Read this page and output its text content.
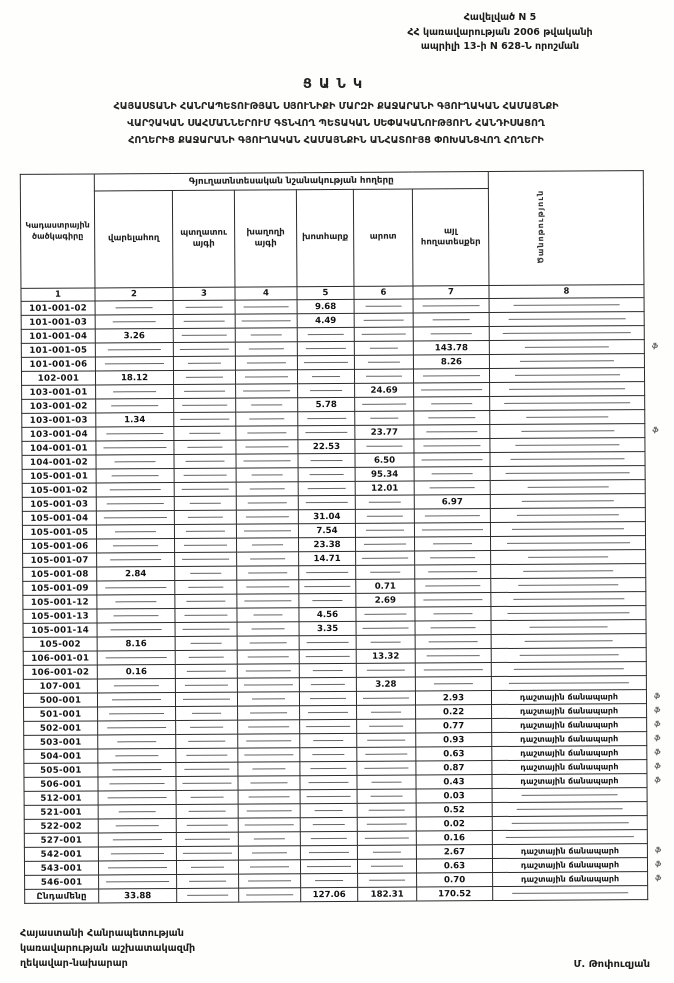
Հավելված N 5
ՀՀ կառավարության 2006 թվականի
ապրիլի 13-ի N 628-Ն որոշման
ՑԱՆԿ
ՀԱՅԱՍՏԱՆԻ ՀԱՆՐԱՊԵՏՈՒԹՅԱՆ ՍՅՈՒՆԻՔԻ ՄԱՐԶԻ ՔԱՋԱՐԱՆԻ ԳՅՈՒՂԱԿԱՆ ՀԱՄԱՅՆՔԻ
ՎԱՐՉԱԿԱՆ ՍԱՀՄԱՆՆԵՐՈՒՄ ԳՏՆՎՈՂ ՊԵՏԱԿԱՆ ՍԵՓԱԿԱՆՈՒԹՅՈՒՆ ՀԱՆԴԻՍԱՑՈՂ
ՀՈՂԵՐԻՑ ՔԱՋԱՐԱՆԻ ԳՅՈՒՂԱԿԱՆ ՀԱՄԱՅՆՔԻՆ ԱՆՀԱՏՈՒՅՑ ՓՈԽԱՆՑՎՈՂ ՀՈՂԵՐԻ
Կադաստրային ծածկագիրը	Գյուղատնտեսական նշանակության հողերը						Ծանոթություն
	վարելահող	պտղատու այգի	խաղողի այգի	խոտհարք	արոտ	այլ հողատեսքեր	
1	2	3	4	5	6	7	8
101-001-02				9.68			
101-001-03				4.49			
101-001-04	3.26						
101-001-05						143.78	ֆ

101-001-06						8.26	
102-001	18.12						
103-001-01					24.69		
103-001-02				5.78			
103-001-03	1.34						
103-001-04					23.77		ֆ

104-001-01				22.53			
104-001-02					6.50		
105-001-01					95.34		
105-001-02					12.01		
105-001-03						6.97	
105-001-04				31.04			
105-001-05				7.54			
105-001-06				23.38			
105-001-07				14.71			
105-001-08	2.84						
105-001-09					0.71		
105-001-12					2.69		
105-001-13				4.56			
105-001-14				3.35			
105-002	8.16						
106-001-01					13.32		
106-001-02	0.16						
107-001					3.28		
500-001						2.93	դաշտային ճանապարհ ֆ

501-001						0.22	դաշտային ճանապարհ ֆ

502-001						0.77	դաշտային ճանապարհ ֆ

503-001						0.93	դաշտային ճանապարհ ֆ

504-001						0.63	դաշտային ճանապարհ ֆ

505-001						0.87	դաշտային ճանապարհ ֆ

506-001						0.43	դաշտային ճանապարհ ֆ

512-001						0.03	
521-001						0.52	
522-002						0.02	
527-001						0.16	
542-001						2.67	դաշտային ճանապարհ ֆ

543-001						0.63	դաշտային ճանապարհ ֆ

546-001						0.70	դաշտային ճանապարհ ֆ

Ընդամենը	33.88			127.06	182.31	170.52	
Հայաստանի Հանրապետության
կառավարության աշխատակազմի
ղեկավար-նախարար	Մ. Թոփուզյան
